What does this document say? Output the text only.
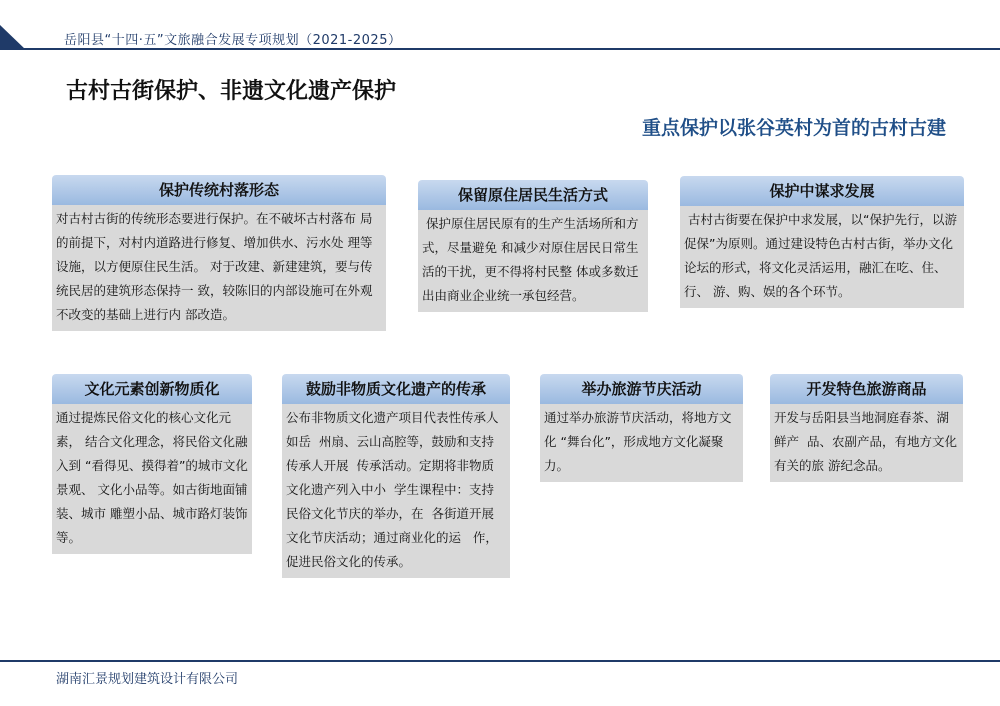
岳阳县“十四·五”文旅融合发展专项规划（2021-2025）
古村古街保护、非遗文化遗产保护
重点保护以张谷英村为首的古村古建
保护传统村落形态
对古村古街的传统形态要进行保护。在不破坏古村落布 局的前提下，对村内道路进行修复、增加供水、污水处 理等设施，以方便原住民生活。 对于改建、新建建筑，要与传统民居的建筑形态保持一 致，较陈旧的内部设施可在外观不改变的基础上进行内 部改造。
保留原住居民生活方式
保护原住居民原有的生产生活场所和方式，尽量避免 和减少对原住居民日常生活的干扰，更不得将村民整 体或多数迁出由商业企业统一承包经营。
保护中谋求发展
古村古街要在保护中求发展，以“保护先行，以游   促保”为原则。通过建设特色古村古街，举办文化  论坛的形式，将文化灵活运用，融汇在吃、住、行、 游、购、娱的各个环节。
文化元素创新物质化
通过提炼民俗文化的核心文化元素， 结合文化理念，将民俗文化融入到 “看得见、摸得着”的城市文化景观、 文化小品等。如古街地面铺装、城市 雕塑小品、城市路灯装饰等。
鼓励非物质文化遗产的传承
公布非物质文化遗产项目代表性传承人如岳  州扇、云山高腔等，鼓励和支持传承人开展  传承活动。定期将非物质文化遗产列入中小  学生课程中：支持民俗文化节庆的举办，在  各街道开展文化节庆活动；通过商业化的运   作，促进民俗文化的传承。
举办旅游节庆活动
通过举办旅游节庆活动，将地方文化 “舞台化”，形成地方文化凝聚力。
开发特色旅游商品
开发与岳阳县当地洞庭春茶、湖鲜产  品、农副产品，有地方文化有关的旅 游纪念品。
湖南汇景规划建筑设计有限公司
